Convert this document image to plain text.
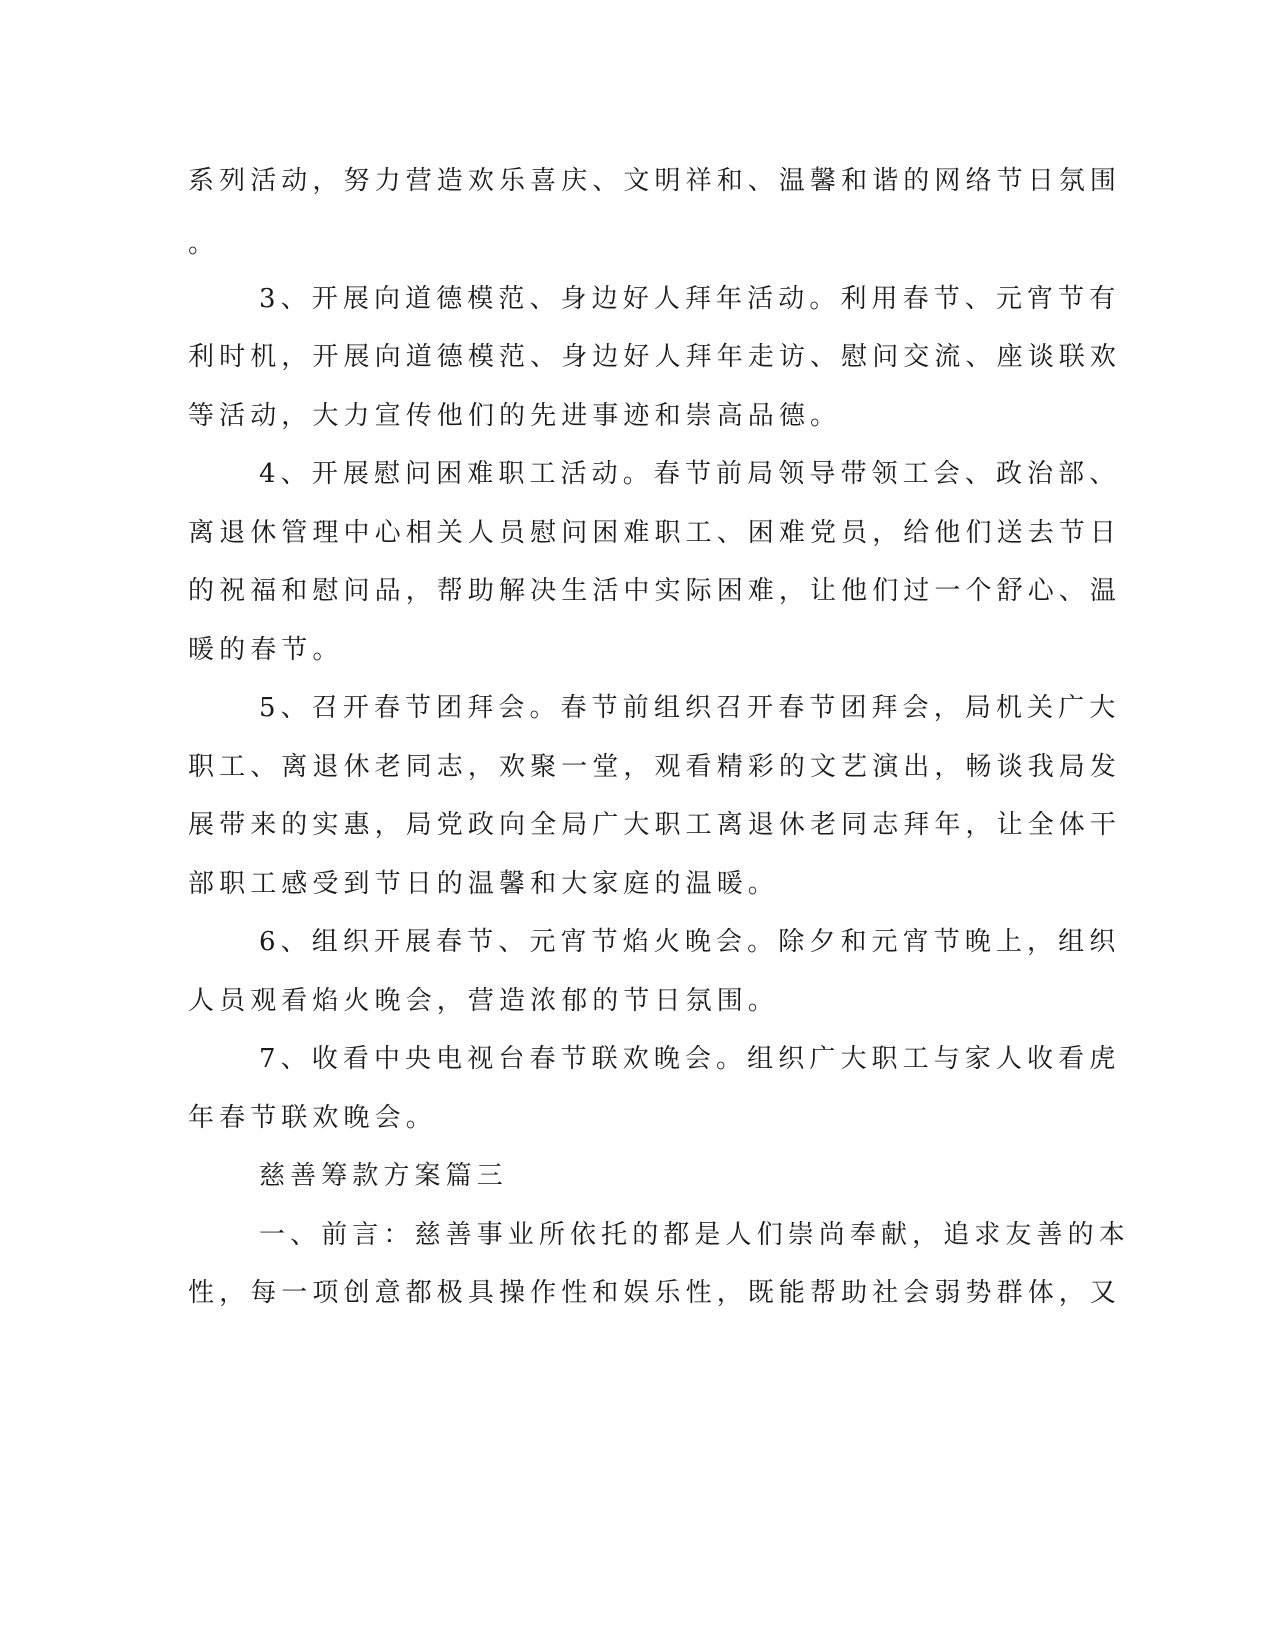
系列活动，努力营造欢乐喜庆、文明祥和、温馨和谐的网络节日氛围
。
3、开展向道德模范、身边好人拜年活动。利用春节、元宵节有
利时机，开展向道德模范、身边好人拜年走访、慰问交流、座谈联欢
等活动，大力宣传他们的先进事迹和崇高品德。
4、开展慰问困难职工活动。春节前局领导带领工会、政治部、
离退休管理中心相关人员慰问困难职工、困难党员，给他们送去节日
的祝福和慰问品，帮助解决生活中实际困难，让他们过一个舒心、温
暖的春节。
5、召开春节团拜会。春节前组织召开春节团拜会，局机关广大
职工、离退休老同志，欢聚一堂，观看精彩的文艺演出，畅谈我局发
展带来的实惠，局党政向全局广大职工离退休老同志拜年，让全体干
部职工感受到节日的温馨和大家庭的温暖。
6、组织开展春节、元宵节焰火晚会。除夕和元宵节晚上，组织
人员观看焰火晚会，营造浓郁的节日氛围。
7、收看中央电视台春节联欢晚会。组织广大职工与家人收看虎
年春节联欢晚会。
慈善筹款方案篇三
一、前言：慈善事业所依托的都是人们崇尚奉献，追求友善的本
性，每一项创意都极具操作性和娱乐性，既能帮助社会弱势群体，又
